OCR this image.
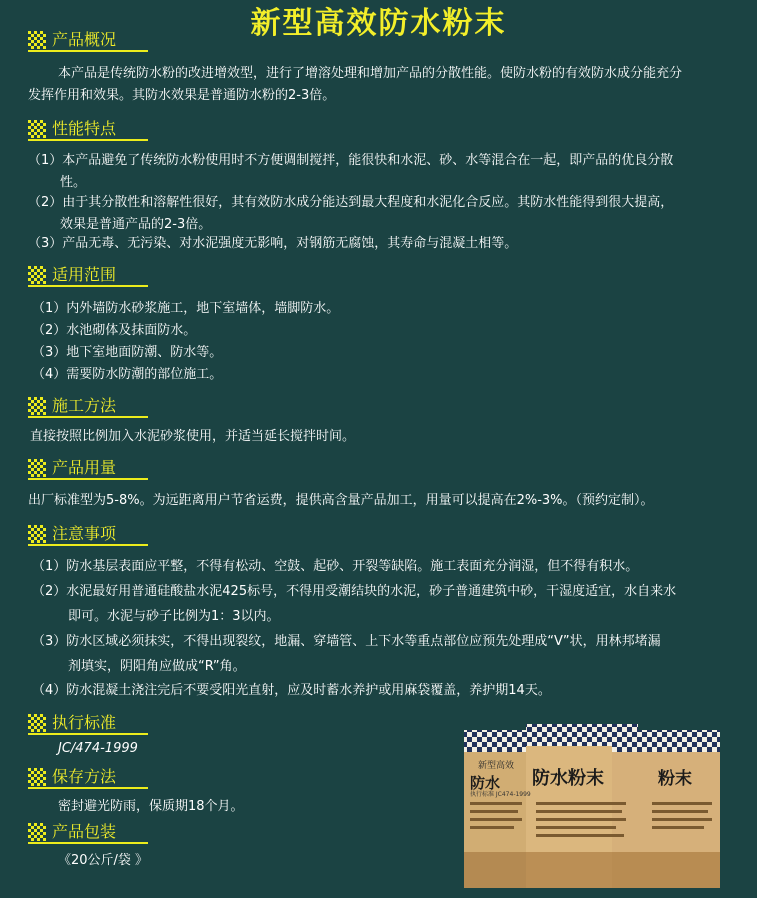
新型高效防水粉末
产品概况
本产品是传统防水粉的改进增效型，进行了增溶处理和增加产品的分散性能。使防水粉的有效防水成分能充分
发挥作用和效果。其防水效果是普通防水粉的2-3倍。
性能特点
（1）本产品避免了传统防水粉使用时不方便调制搅拌，能很快和水泥、砂、水等混合在一起，即产品的优良分散
性。
（2）由于其分散性和溶解性很好，其有效防水成分能达到最大程度和水泥化合反应。其防水性能得到很大提高，
效果是普通产品的2-3倍。
（3）产品无毒、无污染、对水泥强度无影响，对钢筋无腐蚀，其寿命与混凝土相等。
适用范围
（1）内外墙防水砂浆施工，地下室墙体，墙脚防水。
（2）水池砌体及抹面防水。
（3）地下室地面防潮、防水等。
（4）需要防水防潮的部位施工。
施工方法
直接按照比例加入水泥砂浆使用，并适当延长搅拌时间。
产品用量
出厂标准型为5-8%。为远距离用户节省运费，提供高含量产品加工，用量可以提高在2%-3%。（预约定制）。
注意事项
（1）防水基层表面应平整，不得有松动、空鼓、起砂、开裂等缺陷。施工表面充分润湿，但不得有积水。
（2）水泥最好用普通硅酸盐水泥425标号，不得用受潮结块的水泥，砂子普通建筑中砂，干湿度适宜，水自来水
即可。水泥与砂子比例为1：3以内。
（3）防水区域必须抹实，不得出现裂纹，地漏、穿墙管、上下水等重点部位应预先处理成“V”状，用林邦堵漏
剂填实，阴阳角应做成“R”角。
（4）防水混凝土浇注完后不要受阳光直射，应及时蓄水养护或用麻袋覆盖，养护期14天。
执行标准
JC/474-1999
保存方法
密封避光防雨，保质期18个月。
产品包装
《20公斤/袋 》
新型高效
防水 防水粉末	粉末
执行标准 JC474-1999
